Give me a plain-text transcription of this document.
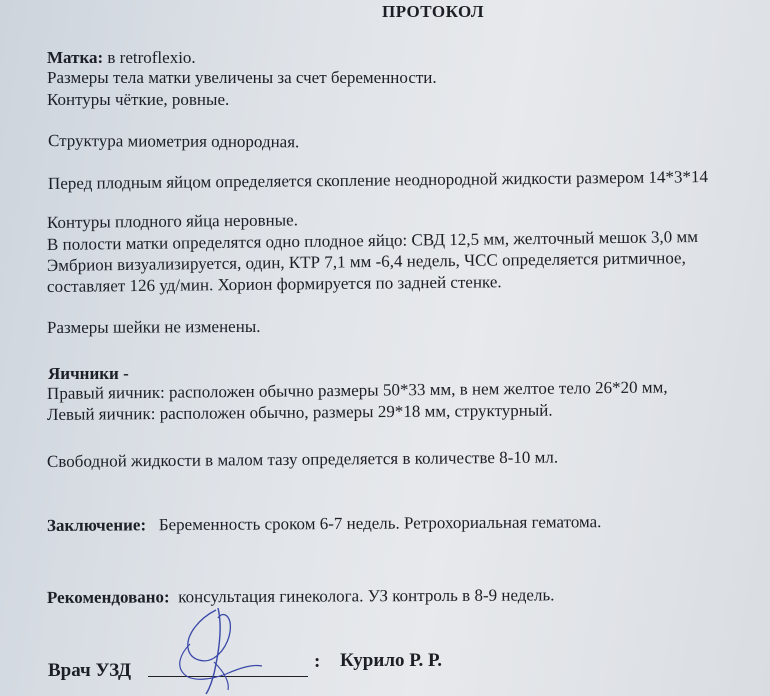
ПРОТОКОЛ
Матка: в retroflexio.
Размеры тела матки увеличены за счет беременности.
Контуры чёткие, ровные.
Структура миометрия однородная.
Перед плодным яйцом определяется скопление неоднородной жидкости размером 14*3*14
Контуры плодного яйца неровные.
В полости матки определятся одно плодное яйцо: СВД 12,5 мм, желточный мешок 3,0 мм
Эмбрион визуализируется, один, КТР 7,1 мм -6,4 недель, ЧСС определяется ритмичное,
составляет 126 уд/мин. Хорион формируется по задней стенке.
Размеры шейки не изменены.
Яичники -
Правый яичник: расположен обычно размеры 50*33 мм, в нем желтое тело 26*20 мм,
Левый яичник: расположен обычно, размеры 29*18 мм, структурный.
Свободной жидкости в малом тазу определяется в количестве 8-10 мл.
Заключение: Беременность сроком 6-7 недель. Ретрохориальная гематома.
Рекомендовано: консультация гинеколога. УЗ контроль в 8-9 недель.
Врач УЗД	: Курило Р. Р.
